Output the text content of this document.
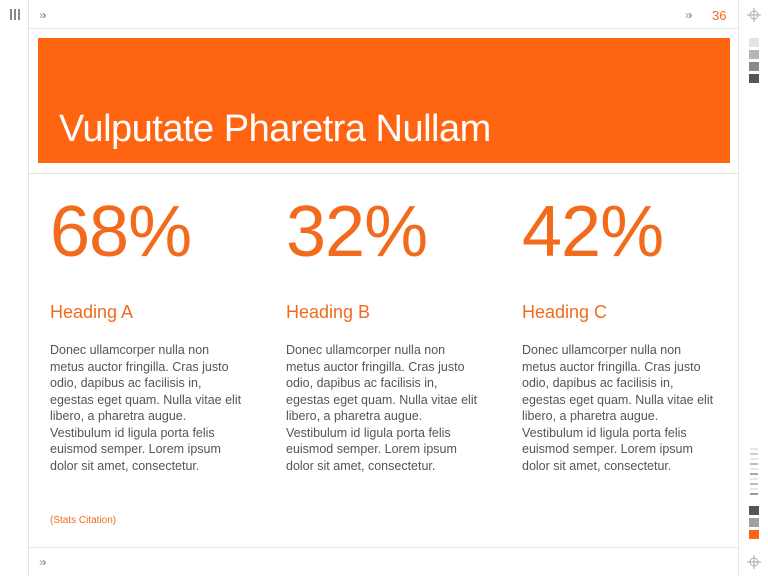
»›	»› 36
»›
Vulputate Pharetra Nullam
68%
Heading A
Donec ullamcorper nulla non metus auctor fringilla. Cras justo odio, dapibus ac facilisis in, egestas eget quam. Nulla vitae elit libero, a pharetra augue. Vestibulum id ligula porta felis euismod semper. Lorem ipsum dolor sit amet, consectetur.
32%
Heading B
Donec ullamcorper nulla non metus auctor fringilla. Cras justo odio, dapibus ac facilisis in, egestas eget quam. Nulla vitae elit libero, a pharetra augue. Vestibulum id ligula porta felis euismod semper. Lorem ipsum dolor sit amet, consectetur.
42%
Heading C
Donec ullamcorper nulla non metus auctor fringilla. Cras justo odio, dapibus ac facilisis in, egestas eget quam. Nulla vitae elit libero, a pharetra augue. Vestibulum id ligula porta felis euismod semper. Lorem ipsum dolor sit amet, consectetur.
(Stats Citation)
